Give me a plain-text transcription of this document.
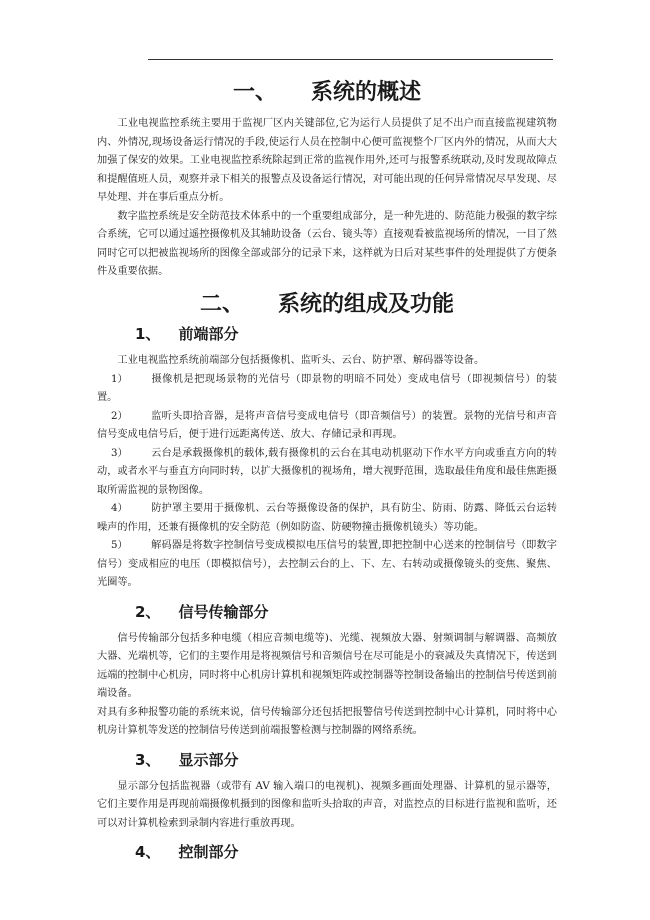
一、 系统的概述

工业电视监控系统主要用于监视厂区内关键部位,它为运行人员提供了足不出户而直接监视建筑物内、外情况,现场设备运行情况的手段,使运行人员在控制中心便可监视整个厂区内外的情况，从而大大加强了保安的效果。工业电视监控系统除起到正常的监视作用外,还可与报警系统联动,及时发现故障点和提醒值班人员，观察并录下相关的报警点及设备运行情况，对可能出现的任何异常情况尽早发现、尽早处理、并在事后重点分析。

数字监控系统是安全防范技术体系中的一个重要组成部分，是一种先进的、防范能力极强的数字综合系统，它可以通过遥控摄像机及其辅助设备（云台、镜头等）直接观看被监视场所的情况，一目了然 同时它可以把被监视场所的图像全部或部分的记录下来，这样就为日后对某些事件的处理提供了方便条件及重要依据。

二、 系统的组成及功能
1、 前端部分

工业电视监控系统前端部分包括摄像机、监听头、云台、防护罩、解码器等设备。

1） 摄像机是把现场景物的光信号（即景物的明暗不同处）变成电信号（即视频信号）的装置。

2） 监听头即拾音器，是将声音信号变成电信号（即音频信号）的装置。景物的光信号和声音信号变成电信号后，便于进行远距离传送、放大、存储记录和再现。

3） 云台是承载摄像机的载体,载有摄像机的云台在其电动机驱动下作水平方向或垂直方向的转动，或者水平与垂直方向同时转，以扩大摄像机的视场角，增大视野范围，选取最佳角度和最佳焦距摄取所需监视的景物图像。

4） 防护罩主要用于摄像机、云台等摄像设备的保护，具有防尘、防雨、防露、降低云台运转噪声的作用，还兼有摄像机的安全防范（例如防盗、防硬物撞击摄像机镜头）等功能。

5） 解码器是将数字控制信号变成模拟电压信号的装置,即把控制中心送来的控制信号（即数字信号）变成相应的电压（即模拟信号），去控制云台的上、下、左、右转动或摄像镜头的变焦、聚焦、光圈等。

2、 信号传输部分

信号传输部分包括多种电缆（相应音频电缆等)、光缆、视频放大器、射频调制与解调器、高频放大器、光端机等，它们的主要作用是将视频信号和音频信号在尽可能是小的衰减及失真情况下，传送到远端的控制中心机房，同时将中心机房计算机和视频矩阵或控制器等控制设备输出的控制信号传送到前端设备。

对具有多种报警功能的系统来说，信号传输部分还包括把报警信号传送到控制中心计算机，同时将中心机房计算机等发送的控制信号传送到前端报警检测与控制器的网络系统。

3、 显示部分

显示部分包括监视器（或带有 AV 输入端口的电视机)、视频多画面处理器、计算机的显示器等，它们主要作用是再现前端摄像机摄到的图像和监听头拾取的声音，对监控点的目标进行监视和监听，还可以对计算机检索到录制内容进行重放再现。

4、 控制部分
